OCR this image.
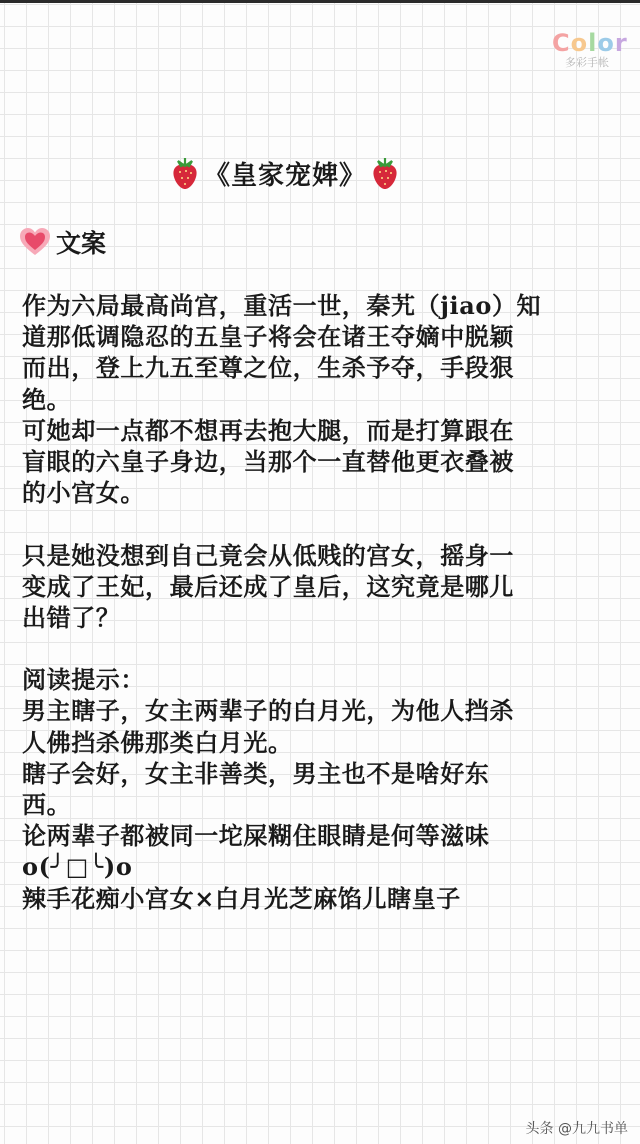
Color
多彩手帐
《皇家宠婢》
文案
作为六局最高尚宫，重活一世，秦艽（jiao）知
道那低调隐忍的五皇子将会在诸王夺嫡中脱颖
而出，登上九五至尊之位，生杀予夺，手段狠
绝。
可她却一点都不想再去抱大腿，而是打算跟在
盲眼的六皇子身边，当那个一直替他更衣叠被
的小宫女。
只是她没想到自己竟会从低贱的宫女，摇身一
变成了王妃，最后还成了皇后，这究竟是哪儿
出错了？
阅读提示：
男主瞎子，女主两辈子的白月光，为他人挡杀
人佛挡杀佛那类白月光。
瞎子会好，女主非善类，男主也不是啥好东
西。
论两辈子都被同一坨屎糊住眼睛是何等滋味
o(╯□╰)o
辣手花痴小宫女×白月光芝麻馅儿瞎皇子
头条 @九九书单
